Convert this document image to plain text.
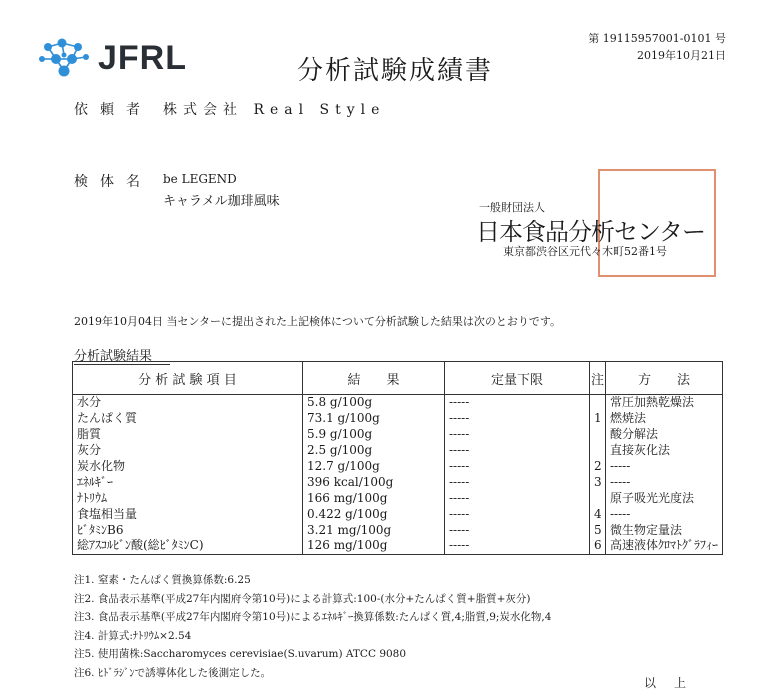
JFRL	分析試験成績書
第 19115957001-0101 号
2019年10月21日
依頼者 株式会社 Real Style
検体名 be LEGEND
キャラメル珈琲風味	一般財団法人
日本食品分析センター
東京都渋谷区元代々木町52番1号
2019年10月04日 当センターに提出された上記検体について分析試験した結果は次のとおりです。
分析試験結果
分 析 試 験 項 目	結　　果	定量下限	注	方　　法
水分	5.8 g/100g	-----		常圧加熱乾燥法
たんぱく質	73.1 g/100g	-----	1	燃焼法
脂質	5.9 g/100g	-----		酸分解法
灰分	2.5 g/100g	-----		直接灰化法
炭水化物	12.7 g/100g	-----	2	-----
ｴﾈﾙｷﾞｰ	396 kcal/100g	-----	3	-----
ﾅﾄﾘｳﾑ	166 mg/100g	-----		原子吸光光度法
食塩相当量	0.422 g/100g	-----	4	-----
ﾋﾞﾀﾐﾝB6	3.21 mg/100g	-----	5	微生物定量法
総ｱｽｺﾙﾋﾞﾝ酸(総ﾋﾞﾀﾐﾝC)	126 mg/100g	-----	6	高速液体ｸﾛﾏﾄｸﾞﾗﾌｨｰ
注1. 窒素・たんぱく質換算係数:6.25
注2. 食品表示基準(平成27年内閣府令第10号)による計算式:100-(水分+たんぱく質+脂質+灰分)
注3. 食品表示基準(平成27年内閣府令第10号)によるｴﾈﾙｷﾞｰ換算係数:たんぱく質,4;脂質,9;炭水化物,4
注4. 計算式:ﾅﾄﾘｳﾑ×2.54
注5. 使用菌株:Saccharomyces cerevisiae(S.uvarum) ATCC 9080
注6. ﾋﾄﾞﾗｼﾞﾝで誘導体化した後測定した。
以上
